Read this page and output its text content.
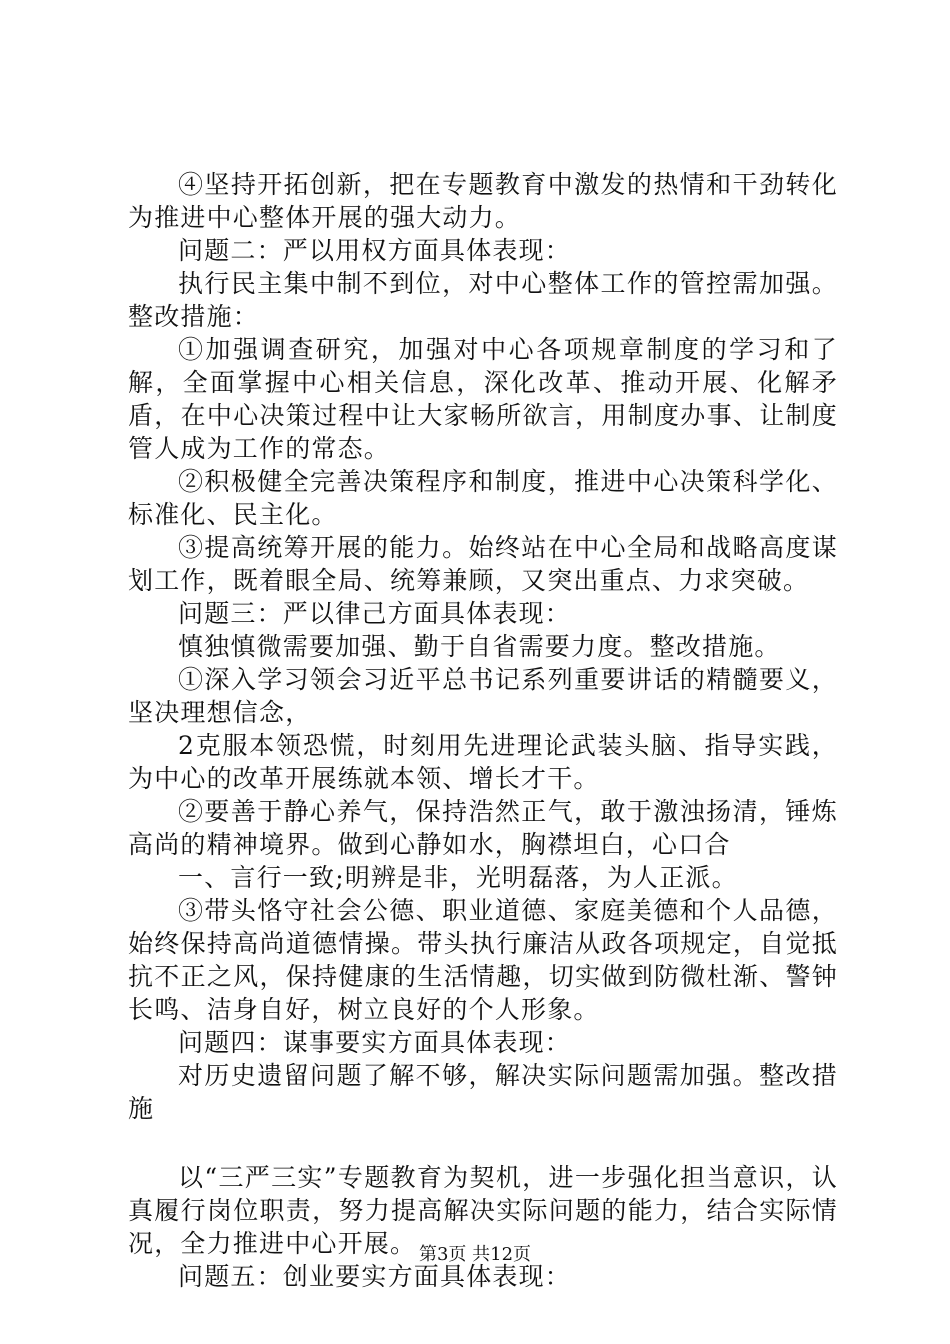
④坚持开拓创新，把在专题教育中激发的热情和干劲转化为推进中心整体开展的强大动力。

问题二：严以用权方面具体表现：

执行民主集中制不到位，对中心整体工作的管控需加强。整改措施：

①加强调查研究，加强对中心各项规章制度的学习和了解，全面掌握中心相关信息，深化改革、推动开展、化解矛盾，在中心决策过程中让大家畅所欲言，用制度办事、让制度管人成为工作的常态。

②积极健全完善决策程序和制度，推进中心决策科学化、标准化、民主化。

③提高统筹开展的能力。始终站在中心全局和战略高度谋划工作，既着眼全局、统筹兼顾，又突出重点、力求突破。

问题三：严以律己方面具体表现：

慎独慎微需要加强、勤于自省需要力度。整改措施。

①深入学习领会习近平总书记系列重要讲话的精髓要义，坚决理想信念，

2克服本领恐慌，时刻用先进理论武装头脑、指导实践，为中心的改革开展练就本领、增长才干。

②要善于静心养气，保持浩然正气，敢于激浊扬清，锤炼高尚的精神境界。做到心静如水，胸襟坦白，心口合

一、言行一致;明辨是非，光明磊落，为人正派。

③带头恪守社会公德、职业道德、家庭美德和个人品德，始终保持高尚道德情操。带头执行廉洁从政各项规定，自觉抵抗不正之风，保持健康的生活情趣，切实做到防微杜渐、警钟长鸣、洁身自好，树立良好的个人形象。

问题四：谋事要实方面具体表现：

对历史遗留问题了解不够，解决实际问题需加强。整改措施

以“三严三实”专题教育为契机，进一步强化担当意识，认真履行岗位职责，努力提高解决实际问题的能力，结合实际情况，全力推进中心开展。

问题五：创业要实方面具体表现：

第3页 共12页
